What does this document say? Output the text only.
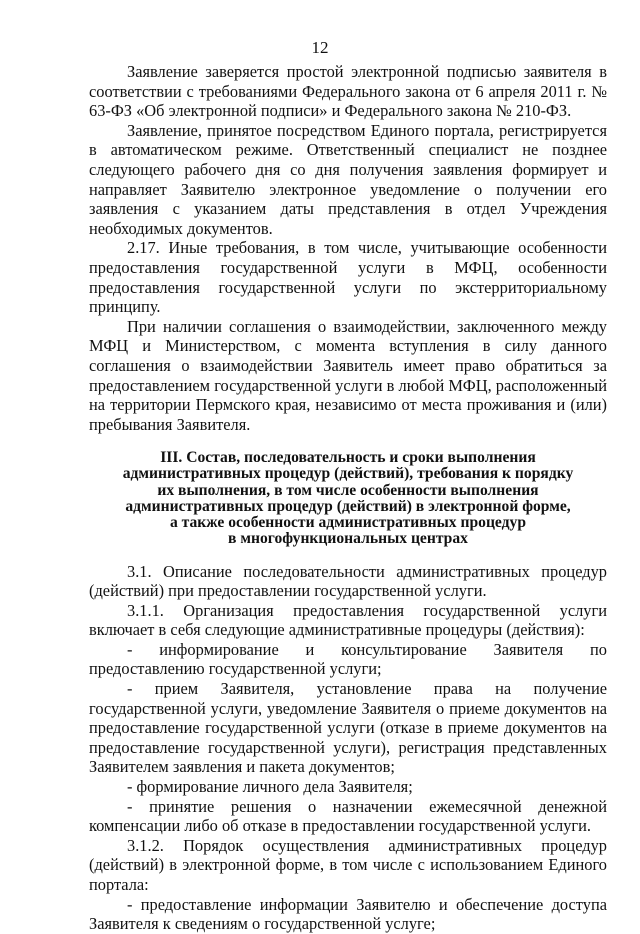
12

Заявление заверяется простой электронной подписью заявителя в соответствии с требованиями Федерального закона от 6 апреля 2011 г. № 63-ФЗ «Об электронной подписи» и Федерального закона № 210-ФЗ.

Заявление, принятое посредством Единого портала, регистрируется в автоматическом режиме. Ответственный специалист не позднее следующего рабочего дня со дня получения заявления формирует и направляет Заявителю электронное уведомление о получении его заявления с указанием даты представления в отдел Учреждения необходимых документов.

2.17. Иные требования, в том числе, учитывающие особенности предоставления государственной услуги в МФЦ, особенности предоставления государственной услуги по экстерриториальному принципу.

При наличии соглашения о взаимодействии, заключенного между МФЦ и Министерством, с момента вступления в силу данного соглашения о взаимодействии Заявитель имеет право обратиться за предоставлением государственной услуги в любой МФЦ, расположенный на территории Пермского края, независимо от места проживания и (или) пребывания Заявителя.

III. Состав, последовательность и сроки выполнения
административных процедур (действий), требования к порядку
их выполнения, в том числе особенности выполнения
административных процедур (действий) в электронной форме,
а также особенности административных процедур
в многофункциональных центрах

3.1. Описание последовательности административных процедур (действий) при предоставлении государственной услуги.

3.1.1. Организация предоставления государственной услуги включает в себя следующие административные процедуры (действия):

- информирование и консультирование Заявителя по предоставлению государственной услуги;

- прием Заявителя, установление права на получение государственной услуги, уведомление Заявителя о приеме документов на предоставление государственной услуги (отказе в приеме документов на предоставление государственной услуги), регистрация представленных Заявителем заявления и пакета документов;

- формирование личного дела Заявителя;

- принятие решения о назначении ежемесячной денежной компенсации либо об отказе в предоставлении государственной услуги.

3.1.2. Порядок осуществления административных процедур (действий) в электронной форме, в том числе с использованием Единого портала:

- предоставление информации Заявителю и обеспечение доступа Заявителя к сведениям о государственной услуге;
